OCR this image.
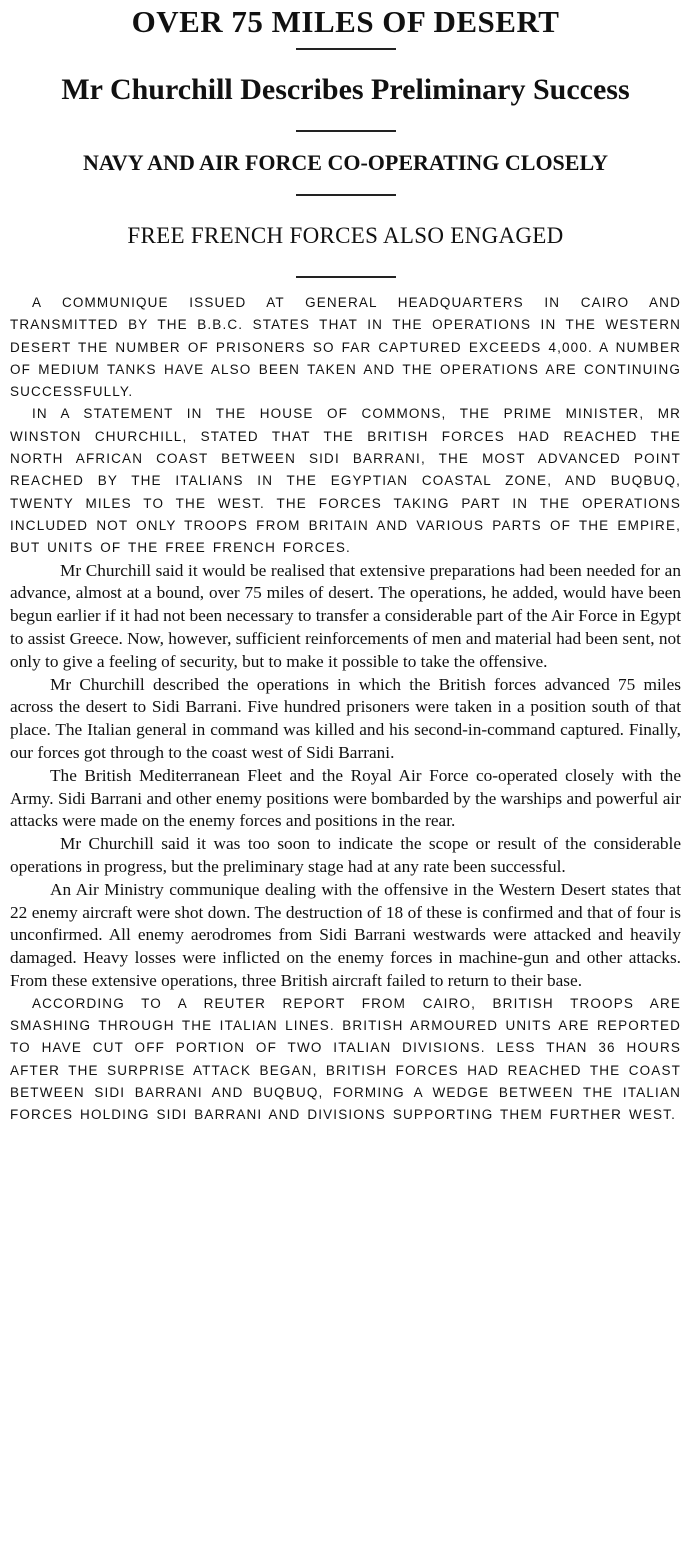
OVER 75 MILES OF DESERT
Mr Churchill Describes Preliminary Success
NAVY AND AIR FORCE CO-OPERATING CLOSELY
FREE FRENCH FORCES ALSO ENGAGED

A COMMUNIQUE ISSUED AT GENERAL HEADQUARTERS IN CAIRO AND TRANSMITTED BY THE B.B.C. STATES THAT IN THE OPERATIONS IN THE WESTERN DESERT THE NUMBER OF PRISONERS SO FAR CAPTURED EXCEEDS 4,000. A NUMBER OF MEDIUM TANKS HAVE ALSO BEEN TAKEN AND THE OPERATIONS ARE CONTINUING SUCCESSFULLY.

IN A STATEMENT IN THE HOUSE OF COMMONS, THE PRIME MINISTER, MR WINSTON CHURCHILL, STATED THAT THE BRITISH FORCES HAD REACHED THE NORTH AFRICAN COAST BETWEEN SIDI BARRANI, THE MOST ADVANCED POINT REACHED BY THE ITALIANS IN THE EGYPTIAN COASTAL ZONE, AND BUQBUQ, TWENTY MILES TO THE WEST. THE FORCES TAKING PART IN THE OPERATIONS INCLUDED NOT ONLY TROOPS FROM BRITAIN AND VARIOUS PARTS OF THE EMPIRE, BUT UNITS OF THE FREE FRENCH FORCES.

Mr Churchill said it would be realised that extensive preparations had been needed for an advance, almost at a bound, over 75 miles of desert. The operations, he added, would have been begun earlier if it had not been necessary to transfer a considerable part of the Air Force in Egypt to assist Greece. Now, however, sufficient reinforcements of men and material had been sent, not only to give a feeling of security, but to make it possible to take the offensive.

Mr Churchill described the operations in which the British forces advanced 75 miles across the desert to Sidi Barrani. Five hundred prisoners were taken in a position south of that place. The Italian general in command was killed and his second-in-command captured. Finally, our forces got through to the coast west of Sidi Barrani.

The British Mediterranean Fleet and the Royal Air Force co-operated closely with the Army. Sidi Barrani and other enemy positions were bombarded by the warships and powerful air attacks were made on the enemy forces and positions in the rear.

Mr Churchill said it was too soon to indicate the scope or result of the considerable operations in progress, but the preliminary stage had at any rate been successful.

An Air Ministry communique dealing with the offensive in the Western Desert states that 22 enemy aircraft were shot down. The destruction of 18 of these is confirmed and that of four is unconfirmed. All enemy aerodromes from Sidi Barrani westwards were attacked and heavily damaged. Heavy losses were inflicted on the enemy forces in machine-gun and other attacks. From these extensive operations, three British aircraft failed to return to their base.

ACCORDING TO A REUTER REPORT FROM CAIRO, BRITISH TROOPS ARE SMASHING THROUGH THE ITALIAN LINES. BRITISH ARMOURED UNITS ARE REPORTED TO HAVE CUT OFF PORTION OF TWO ITALIAN DIVISIONS. LESS THAN 36 HOURS AFTER THE SURPRISE ATTACK BEGAN, BRITISH FORCES HAD REACHED THE COAST BETWEEN SIDI BARRANI AND BUQBUQ, FORMING A WEDGE BETWEEN THE ITALIAN FORCES HOLDING SIDI BARRANI AND DIVISIONS SUPPORTING THEM FURTHER WEST.
